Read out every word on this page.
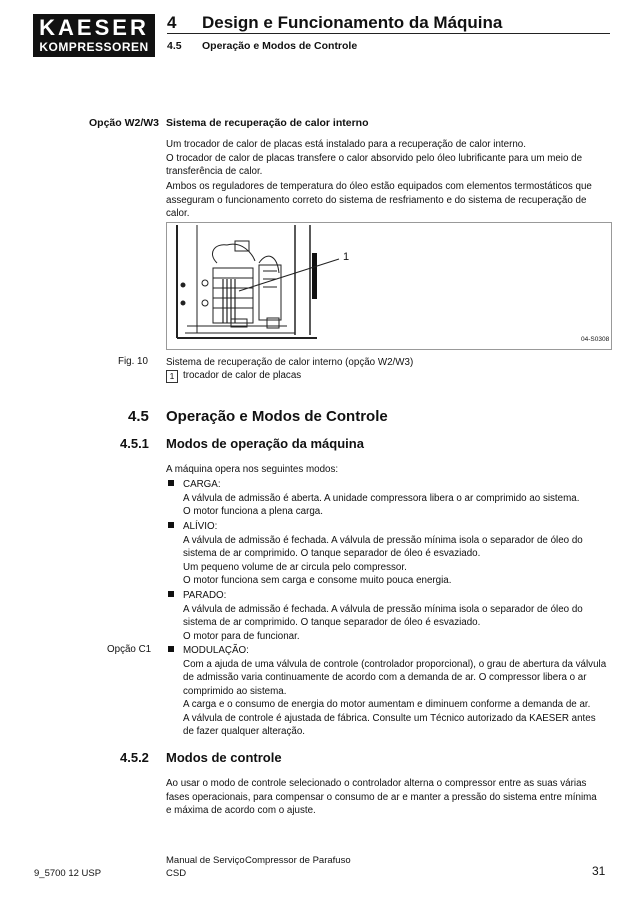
KAESER
KOMPRESSOREN
4 Design e Funcionamento da Máquina
4.5 Operação e Modos de Controle
Opção W2/W3 Sistema de recuperação de calor interno
Um trocador de calor de placas está instalado para a recuperação de calor interno.
O trocador de calor de placas transfere o calor absorvido pelo óleo lubrificante para um meio de
transferência de calor.
Ambos os reguladores de temperatura do óleo estão equipados com elementos termostáticos que
asseguram o funcionamento correto do sistema de resfriamento e do sistema de recuperação de
calor.
1
04-S0308
Fig. 10 Sistema de recuperação de calor interno (opção W2/W3)
1 trocador de calor de placas
4.5 Operação e Modos de Controle
4.5.1 Modos de operação da máquina
A máquina opera nos seguintes modos:
CARGA:
A válvula de admissão é aberta. A unidade compressora libera o ar comprimido ao sistema.
O motor funciona a plena carga.
ALÍVIO:
A válvula de admissão é fechada. A válvula de pressão mínima isola o separador de óleo do
sistema de ar comprimido. O tanque separador de óleo é esvaziado.
Um pequeno volume de ar circula pelo compressor.
O motor funciona sem carga e consome muito pouca energia.
PARADO:
A válvula de admissão é fechada. A válvula de pressão mínima isola o separador de óleo do
sistema de ar comprimido. O tanque separador de óleo é esvaziado.
O motor para de funcionar.
Opção C1	MODULAÇÃO:
Com a ajuda de uma válvula de controle (controlador proporcional), o grau de abertura da válvula
de admissão varia continuamente de acordo com a demanda de ar. O compressor libera o ar
comprimido ao sistema.
A carga e o consumo de energia do motor aumentam e diminuem conforme a demanda de ar.
A válvula de controle é ajustada de fábrica. Consulte um Técnico autorizado da KAESER antes
de fazer qualquer alteração.
4.5.2 Modos de controle
Ao usar o modo de controle selecionado o controlador alterna o compressor entre as suas várias
fases operacionais, para compensar o consumo de ar e manter a pressão do sistema entre mínima
e máxima de acordo com o ajuste.
9_5700 12 USP
Manual de Serviço Compressor de Parafuso
CSD	31
